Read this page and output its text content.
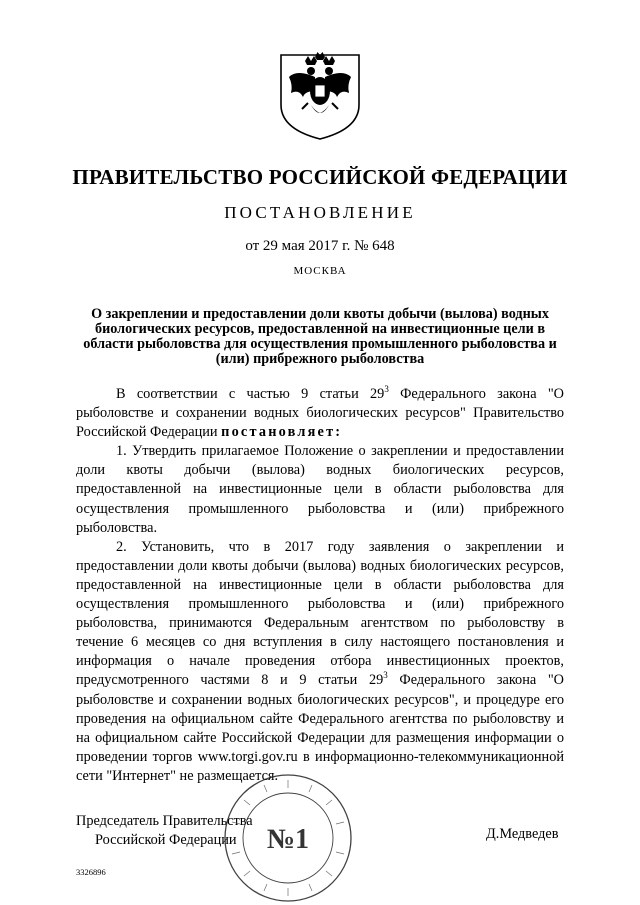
ПРАВИТЕЛЬСТВО РОССИЙСКОЙ ФЕДЕРАЦИИ
ПОСТАНОВЛЕНИЕ
от 29 мая 2017 г. № 648
МОСКВА
О закреплении и предоставлении доли квоты добычи (вылова) водных биологических ресурсов, предоставленной на инвестиционные цели в области рыболовства для осуществления промышленного рыболовства и (или) прибрежного рыболовства

В соответствии с частью 9 статьи $29^3$ Федерального закона "О рыболовстве и сохранении водных биологических ресурсов" Правительство Российской Федерации постановляет:

1. Утвердить прилагаемое Положение о закреплении и предоставлении доли квоты добычи (вылова) водных биологических ресурсов, предоставленной на инвестиционные цели в области рыболовства для осуществления промышленного рыболовства и (или) прибрежного рыболовства.

2. Установить, что в 2017 году заявления о закреплении и предоставлении доли квоты добычи (вылова) водных биологических ресурсов, предоставленной на инвестиционные цели в области рыболовства для осуществления промышленного рыболовства и (или) прибрежного рыболовства, принимаются Федеральным агентством по рыболовству в течение 6 месяцев со дня вступления в силу настоящего постановления и информация о начале проведения отбора инвестиционных проектов, предусмотренного частями 8 и 9 статьи $29^3$ Федерального закона "О рыболовстве и сохранении водных биологических ресурсов", и процедуре его проведения на официальном сайте Федерального агентства по рыболовству и на официальном сайте Российской Федерации для размещения информации о проведении торгов www.torgi.gov.ru в информационно-телекоммуникационной сети "Интернет" не размещается.

Председатель Правительства
Российской Федерации	Д.Медведев
3326896
№1
